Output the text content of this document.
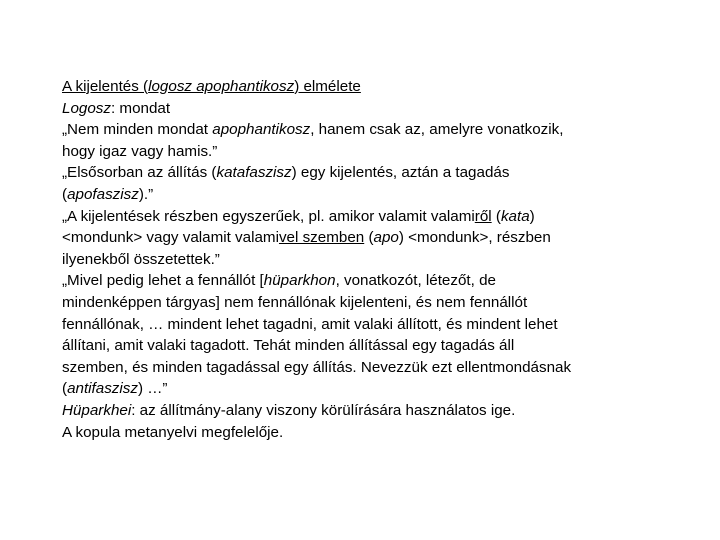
A kijelentés (logosz apophantikosz) elmélete
Logosz: mondat
„Nem minden mondat apophantikosz, hanem csak az, amelyre vonatkozik,
hogy igaz vagy hamis.”
„Elsősorban az állítás (katafaszisz) egy kijelentés, aztán a tagadás
(apofaszisz).”
„A kijelentések részben egyszerűek, pl. amikor valamit valamiről (kata)
<mondunk> vagy valamit valamivel szemben (apo) <mondunk>, részben
ilyenekből összetettek.”
„Mivel pedig lehet a fennállót [hüparkhon, vonatkozót, létezőt, de
mindenképpen tárgyas] nem fennállónak kijelenteni, és nem fennállót
fennállónak, … mindent lehet tagadni, amit valaki állított, és mindent lehet
állítani, amit valaki tagadott. Tehát minden állítással egy tagadás áll
szemben, és minden tagadással egy állítás. Nevezzük ezt ellentmondásnak
(antifaszisz) …”
Hüparkhei: az állítmány-alany viszony körülírására használatos ige.
A kopula metanyelvi megfelelője.
